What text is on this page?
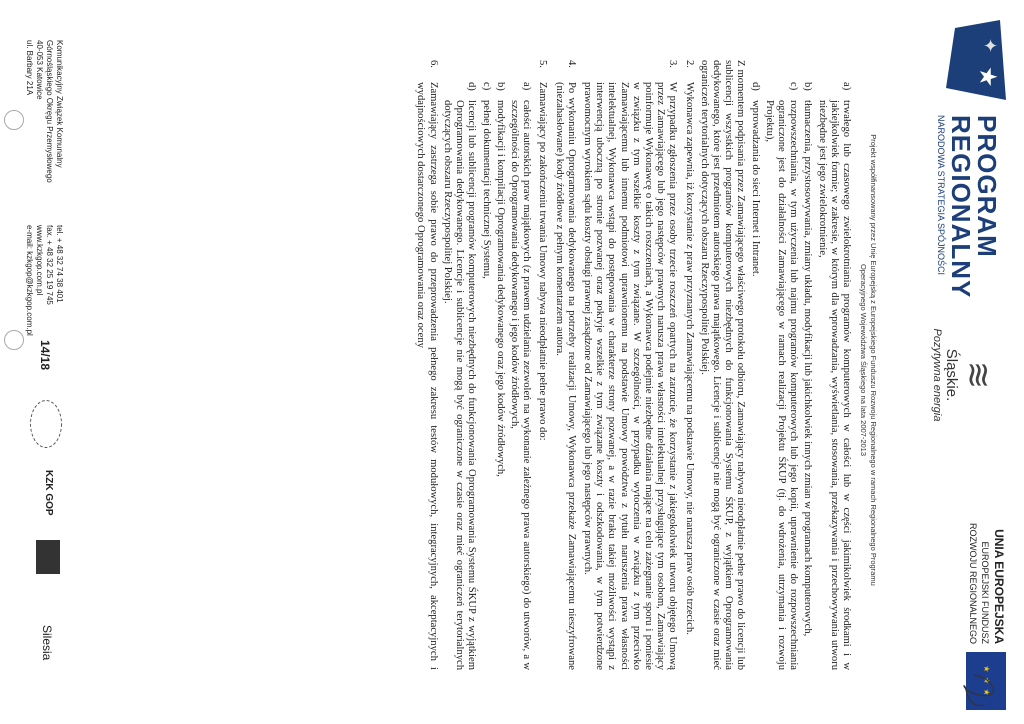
★
✦
PROGRAM
REGIONALNY
NARODOWA STRATEGIA SPÓJNOŚCI
≋
Śląskie.
Pozytywna energia
★ ★ ★
UNIA EUROPEJSKA
EUROPEJSKI FUNDUSZ
ROZWOJU REGIONALNEGO
Projekt współfinansowany przez Unię Europejską z Europejskiego Funduszu Rozwoju Regionalnego w ramach Regionalnego Programu
Operacyjnego Województwa Śląskiego na lata 2007-2013
a)
trwałego lub czasowego zwielokrotniania programów komputerowych w całości lub w części jakimikolwiek środkami i w jakiejkolwiek formie; w zakresie, w którym dla wprowadzania, wyświetlania, stosowania, przekazywania i przechowywania utworu niezbędne jest jego zwielokrotnienie,
b)
tłumaczenia, przystosowywania, zmiany układu, modyfikacji lub jakichkolwiek innych zmian w programach komputerowych,
c)
rozpowszechniania, w tym użyczenia lub najmu programów komputerowych lub jego kopii, uprawnienie do rozpowszechniania ograniczone jest do działalności Zamawiającego w ramach realizacji Projektu ŚKUP (tj. do wdrożenia, utrzymania i rozwoju Projektu),
d)
wprowadzania do sieci Internet i Intranet.

Z momentem podpisania przez Zamawiającego właściwego protokołu odbioru, Zamawiający nabywa nieodpłatnie pełne prawo do licencji lub sublicencji wszystkich programów komputerowych niezbędnych do funkcjonowania Systemu ŚKUP, z wyjątkiem Oprogramowania dedykowanego, które jest przedmiotem autorskiego prawa majątkowego. Licencje i sublicencje nie mogą być ograniczone w czasie oraz mieć ograniczeń terytorialnych dotyczących obszaru Rzeczypospolitej Polskiej.

2.
Wykonawca zapewnia, iż korzystanie z praw przyznanych Zamawiającemu na podstawie Umowy, nie narusza praw osób trzecich.
3.
W przypadku zgłoszenia przez osoby trzecie roszczeń opartych na zarzucie, że korzystanie z jakiegokolwiek utworu objętego Umową przez Zamawiającego lub jego następców prawnych narusza prawa własności intelektualnej przysługujące tym osobom, Zamawiający poinformuje Wykonawcę o takich roszczeniach, a Wykonawca podejmie niezbędne działania mające na celu zażegnanie sporu i poniesie w związku z tym wszelkie koszty z tym związane. W szczególności, w przypadku wytoczenia w związku z tym przeciwko Zamawiającemu lub innemu podmiotowi uprawnionemu na podstawie Umowy powództwa z tytułu naruszenia prawa własności intelektualnej, Wykonawca wstąpi do postępowania w charakterze strony pozwanej, a w razie braku takiej możliwości wystąpi z interwencją uboczną po stronie pozwanej oraz pokryje wszelkie z tym związane koszty i odszkodowania, w tym potwierdzone prawomocnym wyrokiem sądu koszty obsługi prawnej zasądzone od Zamawiającego lub jego następców prawnych.
4.
Po wykonaniu Oprogramowania dedykowanego na potrzeby realizacji Umowy, Wykonawca przekaże Zamawiającemu nieszyfrowane (niezahasłowane) kody źródłowe z pełnym komentarzem autora.
5.
Zamawiający po zakończeniu trwania Umowy nabywa nieodpłatnie pełne prawo do:
a)
całości autorskich praw majątkowych (z prawem udzielania zezwoleń na wykonanie zależnego prawa autorskiego) do utworów, a w szczególności do Oprogramowania dedykowanego i jego kodów źródłowych,
b)
modyfikacji i kompilacji Oprogramowania dedykowanego oraz jego kodów źródłowych,
c)
pełnej dokumentacji technicznej Systemu,
d)
licencji lub sublicencji programów komputerowych niezbędnych do funkcjonowania Oprogramowania Systemu ŚKUP z wyjątkiem Oprogramowania dedykowanego. Licencje i sublicencje nie mogą być ograniczone w czasie oraz mieć ograniczeń terytorialnych dotyczących obszaru Rzeczypospolitej Polskiej.
6.
Zamawiający zastrzega sobie prawo do przeprowadzenia pełnego zakresu testów modułowych, integracyjnych, akceptacyjnych i wydajnościowych dostarczonego Oprogramowania oraz oceny
Komunikacyjny Związek Komunalny
Górnośląskiego Okręgu Przemysłowego
40-053 Katowice
ul. Barbary 21A
tel. + 48 32 74 38 401
fax. + 48 32 25 19 745
www.kzkgop.com.pl
e-mail: kzkgop@kzkgop.com.pl
14/18
KZK GOP
Silesia
